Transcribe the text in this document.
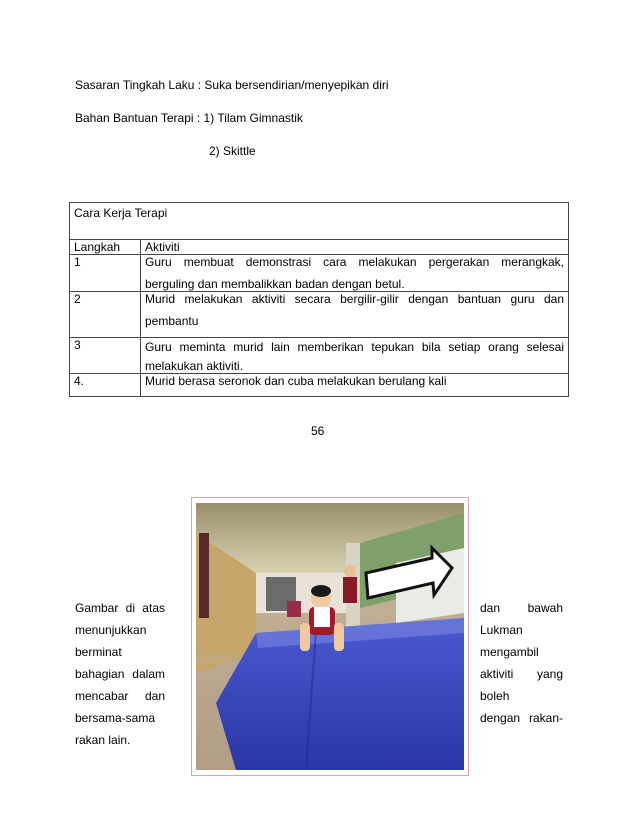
Sasaran Tingkah Laku : Suka bersendirian/menyepikan diri
Bahan Bantuan Terapi : 1) Tilam Gimnastik
2) Skittle
Cara Kerja Terapi	
Langkah	Aktiviti
1	Guru membuat demonstrasi cara melakukan pergerakan merangkak,
berguling dan membalikkan badan dengan betul.

2	Murid melakukan aktiviti secara bergilir-gilir dengan bantuan guru dan
pembantu

3	Guru meminta murid lain memberikan tepukan bila setiap orang selesai
melakukan aktiviti.

4.	Murid berasa seronok dan cuba melakukan berulang kali
56
Gambar di atas
menunjukkan
berminat
bahagian dalam
mencabar dan
bersama-sama
rakan lain.
dan bawah
Lukman
mengambil
aktiviti yang
boleh
dengan rakan-
